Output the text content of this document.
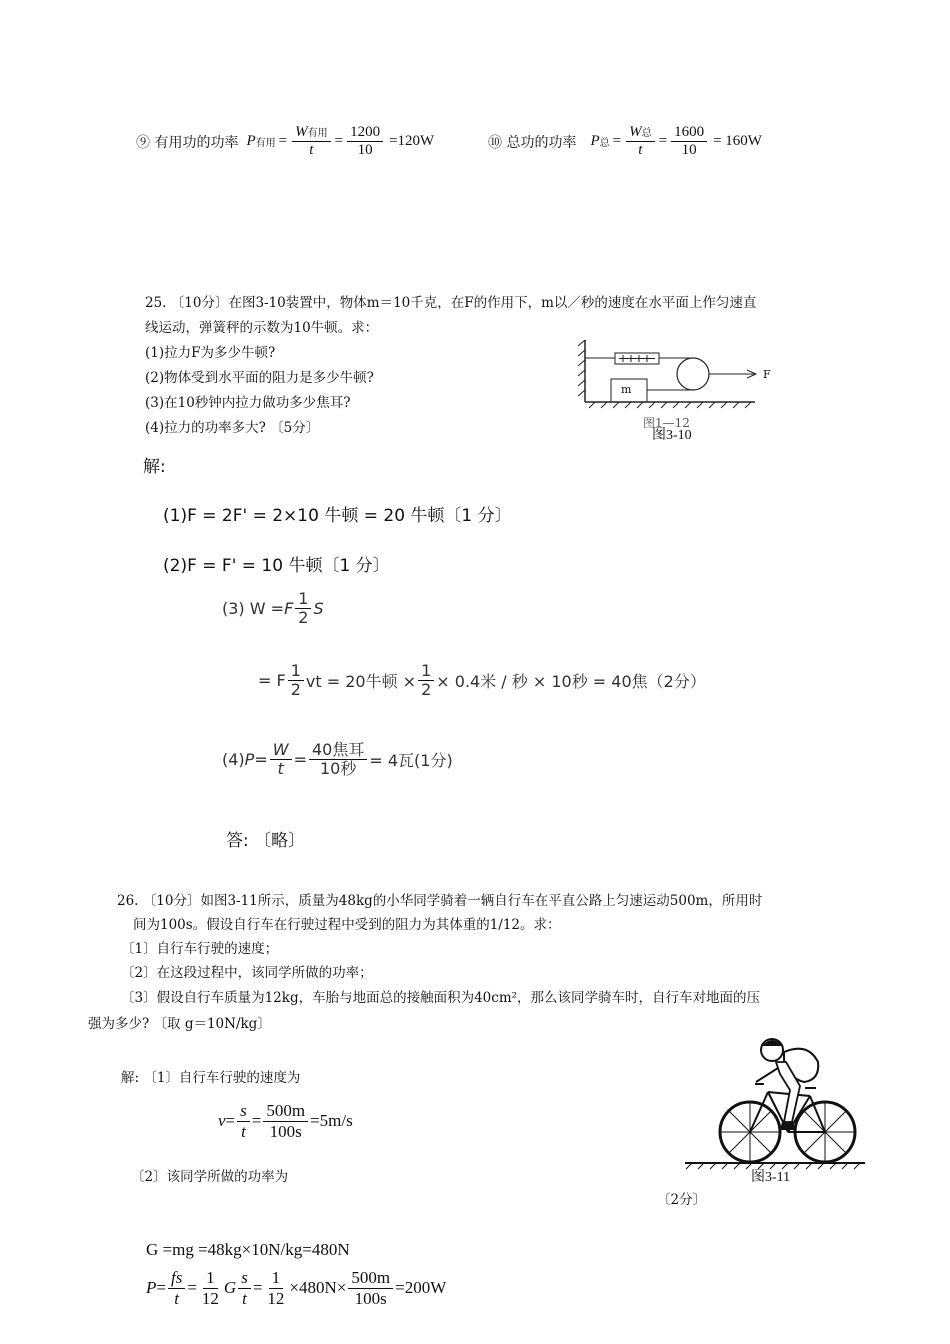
⑨ 有用功的功率 P 有用 = $\frac{\text{W有用}}{t} = \frac{1200}{10} =120W$	⑩ 总功的功率 P 总 = $\frac{\text{W总}}{t} = \frac{1600}{10} = 160W$
25. 〔10分〕在图3-10装置中，物体m＝10千克，在F的作用下，m以／秒的速度在水平面上作匀速直
线运动，弹簧秤的示数为10牛顿。求：
(1)拉力F为多少牛顿?
(2)物体受到水平面的阻力是多少牛顿?
(3)在10秒钟内拉力做功多少焦耳?
(4)拉力的功率多大? 〔5分〕
m
F
图1—12
图3-10
解:
(1)F = 2F' = 2×10 牛顿 = 20 牛顿〔1 分〕
(2)F = F' = 10 牛顿〔1 分〕
(3) W = F $\frac{1}{2}$ S
= F $\frac{1}{2}$ vt = 20牛顿 × $\frac{1}{2} \times 0.4$米 / 秒 × 10秒 = 40焦（2分）
(4) $P = \frac{W}{t} = \frac{\text{40焦耳}}{\text{10秒}} = 4$瓦(1分)
答: 〔略〕
26. 〔10分〕如图3-11所示，质量为48kg的小华同学骑着一辆自行车在平直公路上匀速运动500m，所用时
间为100s。假设自行车在行驶过程中受到的阻力为其体重的1/12。求：
〔1〕自行车行驶的速度；
〔2〕在这段过程中，该同学所做的功率；
〔3〕假设自行车质量为12kg，车胎与地面总的接触面积为40cm²，那么该同学骑车时，自行车对地面的压
强为多少? 〔取 g＝10N/kg〕
解: 〔1〕自行车行驶的速度为
$v = \frac{s}{t} = \frac{500m}{100s} =5m/s$
图3-11
〔2分〕
〔2〕该同学所做的功率为
G =mg =48kg×10N/kg=480N
$P = \frac{fs}{t} = \frac{1}{12}$ G $\frac{s}{t} = \frac{1}{12} \times 480N\times \frac{500m}{100s} =200W$
